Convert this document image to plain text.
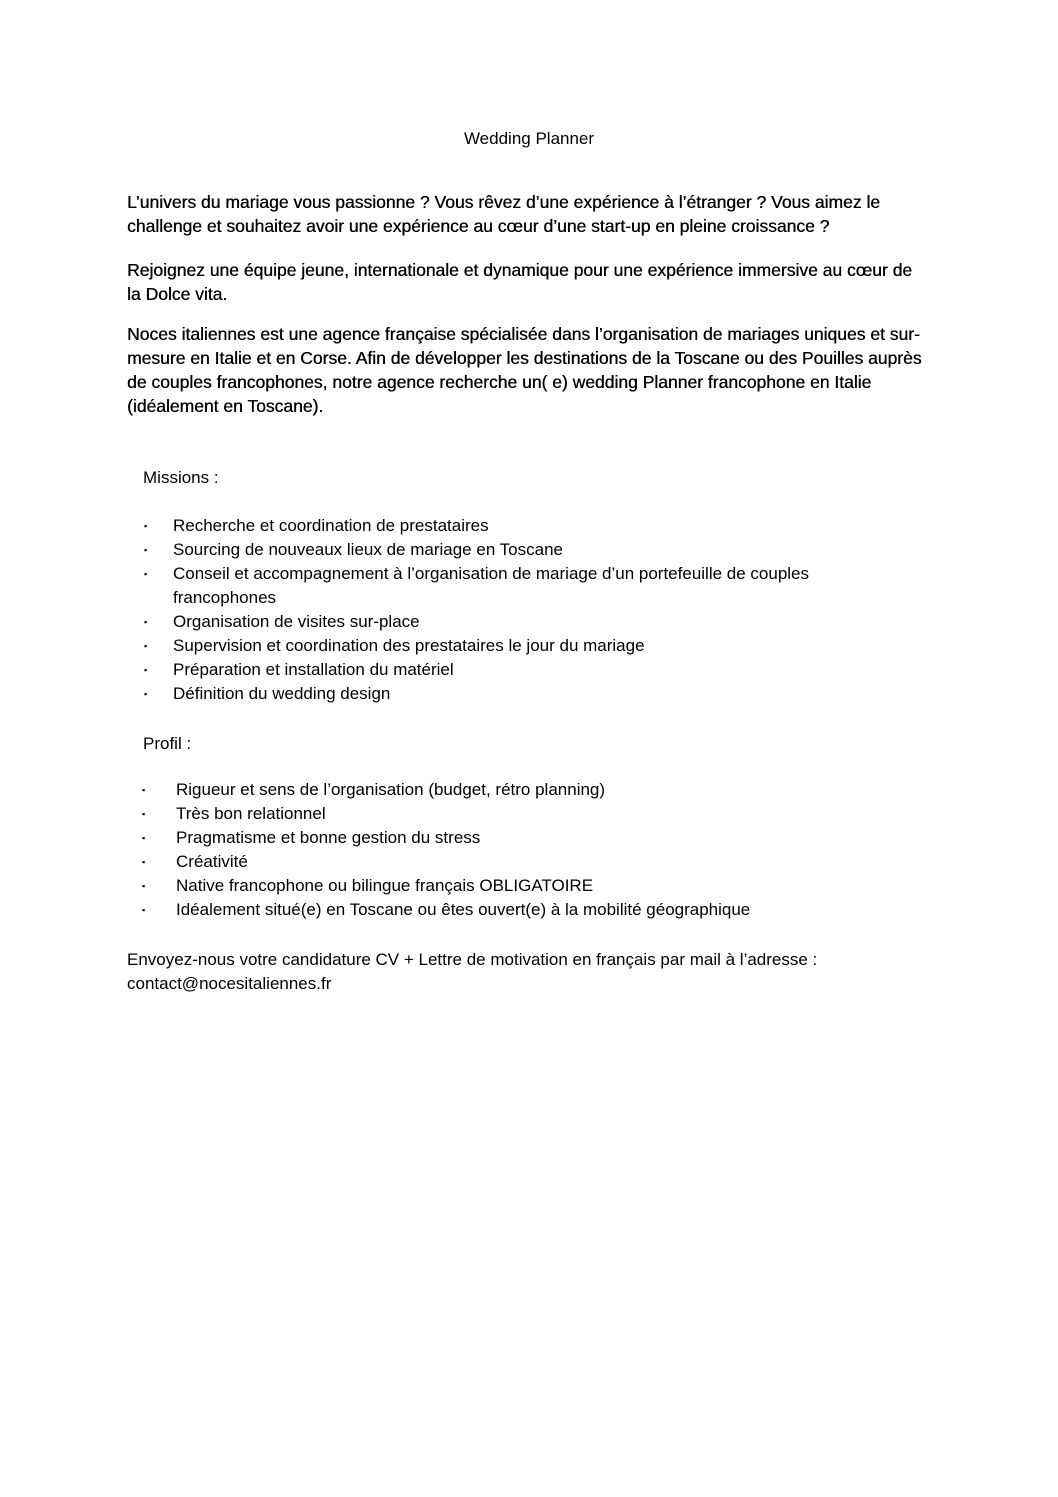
Wedding Planner
L’univers du mariage vous passionne ? Vous rêvez d’une expérience à l’étranger ? Vous aimez le challenge et souhaitez avoir une expérience au cœur d’une start-up en pleine croissance ?
Rejoignez une équipe jeune, internationale et dynamique pour une expérience immersive au cœur de la Dolce vita.
Noces italiennes est une agence française spécialisée dans l’organisation de mariages uniques et sur-mesure en Italie et en Corse. Afin de développer les destinations de la Toscane ou des Pouilles auprès de couples francophones, notre agence recherche un( e) wedding Planner francophone en Italie (idéalement en Toscane).
Missions :
▪ Recherche et coordination de prestataires
▪ Sourcing de nouveaux lieux de mariage en Toscane
▪ Conseil et accompagnement à l’organisation de mariage d’un portefeuille de couples francophones
▪ Organisation de visites sur-place
▪ Supervision et coordination des prestataires le jour du mariage
▪ Préparation et installation du matériel
▪ Définition du wedding design
Profil :
▪ Rigueur et sens de l’organisation (budget, rétro planning)
▪ Très bon relationnel
▪ Pragmatisme et bonne gestion du stress
▪ Créativité
▪ Native francophone ou bilingue français OBLIGATOIRE
▪ Idéalement situé(e) en Toscane ou êtes ouvert(e) à la mobilité géographique
Envoyez-nous votre candidature CV + Lettre de motivation en français par mail à l’adresse :
contact@nocesitaliennes.fr
